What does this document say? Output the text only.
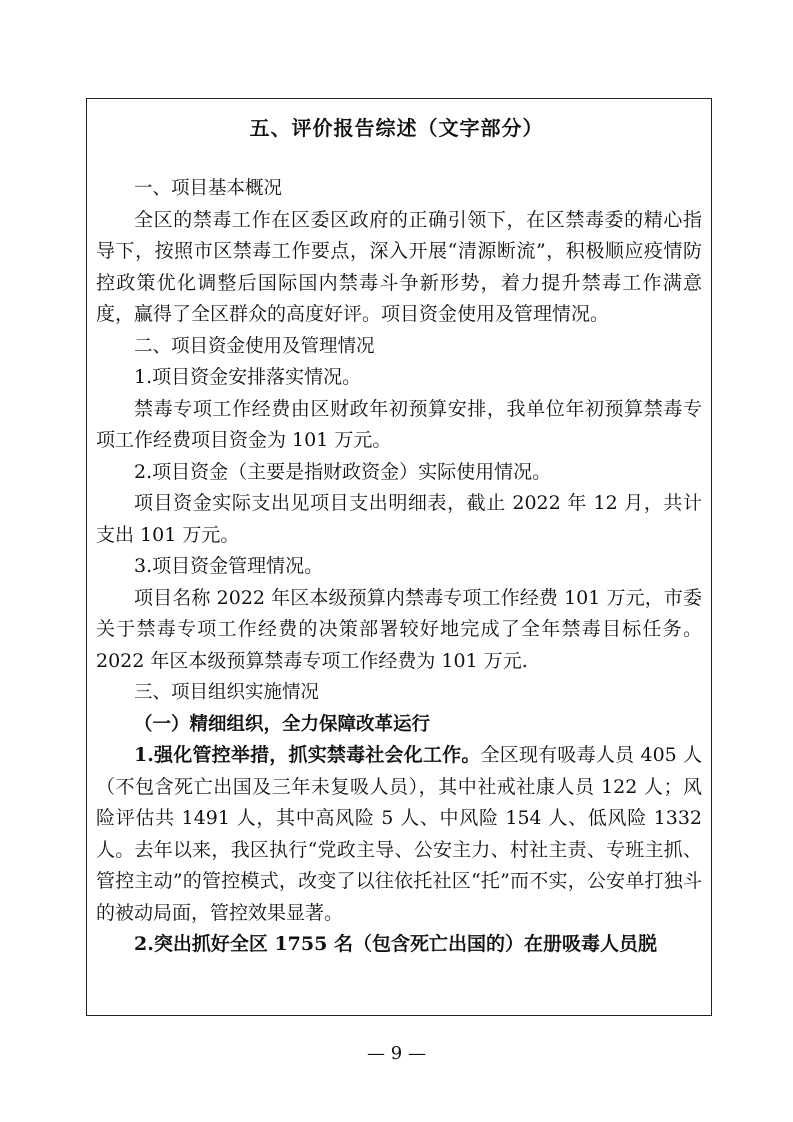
五、评价报告综述（文字部分）

一、项目基本概况

全区的禁毒工作在区委区政府的正确引领下，在区禁毒委的精心指导下，按照市区禁毒工作要点，深入开展“清源断流”，积极顺应疫情防控政策优化调整后国际国内禁毒斗争新形势，着力提升禁毒工作满意度，赢得了全区群众的高度好评。项目资金使用及管理情况。

二、项目资金使用及管理情况

1.项目资金安排落实情况。

禁毒专项工作经费由区财政年初预算安排，我单位年初预算禁毒专项工作经费项目资金为 101 万元。

2.项目资金（主要是指财政资金）实际使用情况。

项目资金实际支出见项目支出明细表，截止 2022 年 12 月，共计支出 101 万元。

3.项目资金管理情况。

项目名称 2022 年区本级预算内禁毒专项工作经费 101 万元，市委关于禁毒专项工作经费的决策部署较好地完成了全年禁毒目标任务。2022 年区本级预算禁毒专项工作经费为 101 万元.

三、项目组织实施情况

（一）精细组织，全力保障改革运行

1.强化管控举措，抓实禁毒社会化工作。全区现有吸毒人员 405 人（不包含死亡出国及三年未复吸人员），其中社戒社康人员 122 人；风险评估共 1491 人，其中高风险 5 人、中风险 154 人、低风险 1332 人。去年以来，我区执行“党政主导、公安主力、村社主责、专班主抓、管控主动”的管控模式，改变了以往依托社区“托”而不实，公安单打独斗的被动局面，管控效果显著。

2.突出抓好全区 1755 名（包含死亡出国的）在册吸毒人员脱

— 9 —
